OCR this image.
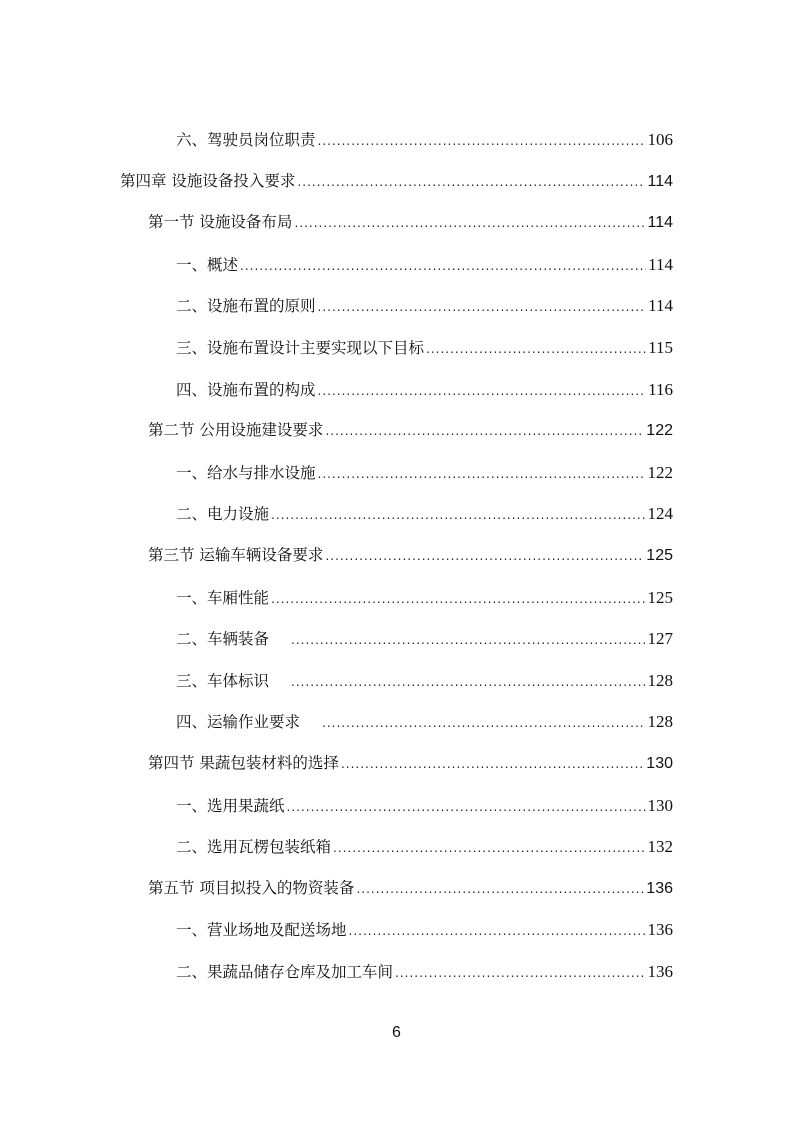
六、驾驶员岗位职责 .....	106
第四章 设施设备投入要求 .....	114
第一节 设施设备布局 .....	114
一、概述 .....	114
二、设施布置的原则 .....	114
三、设施布置设计主要实现以下目标 .....	115
四、设施布置的构成 .....	116
第二节 公用设施建设要求 .....	122
一、给水与排水设施 .....	122
二、电力设施 .....	124
第三节 运输车辆设备要求 .....	125
一、车厢性能 .....	125
二、车辆装备 .....	127
三、车体标识 .....	128
四、运输作业要求 .....	128
第四节 果蔬包装材料的选择 .....	130
一、选用果蔬纸 .....	130
二、选用瓦楞包装纸箱 .....	132
第五节 项目拟投入的物资装备 .....	136
一、营业场地及配送场地 .....	136
二、果蔬品储存仓库及加工车间 .....	136
6
